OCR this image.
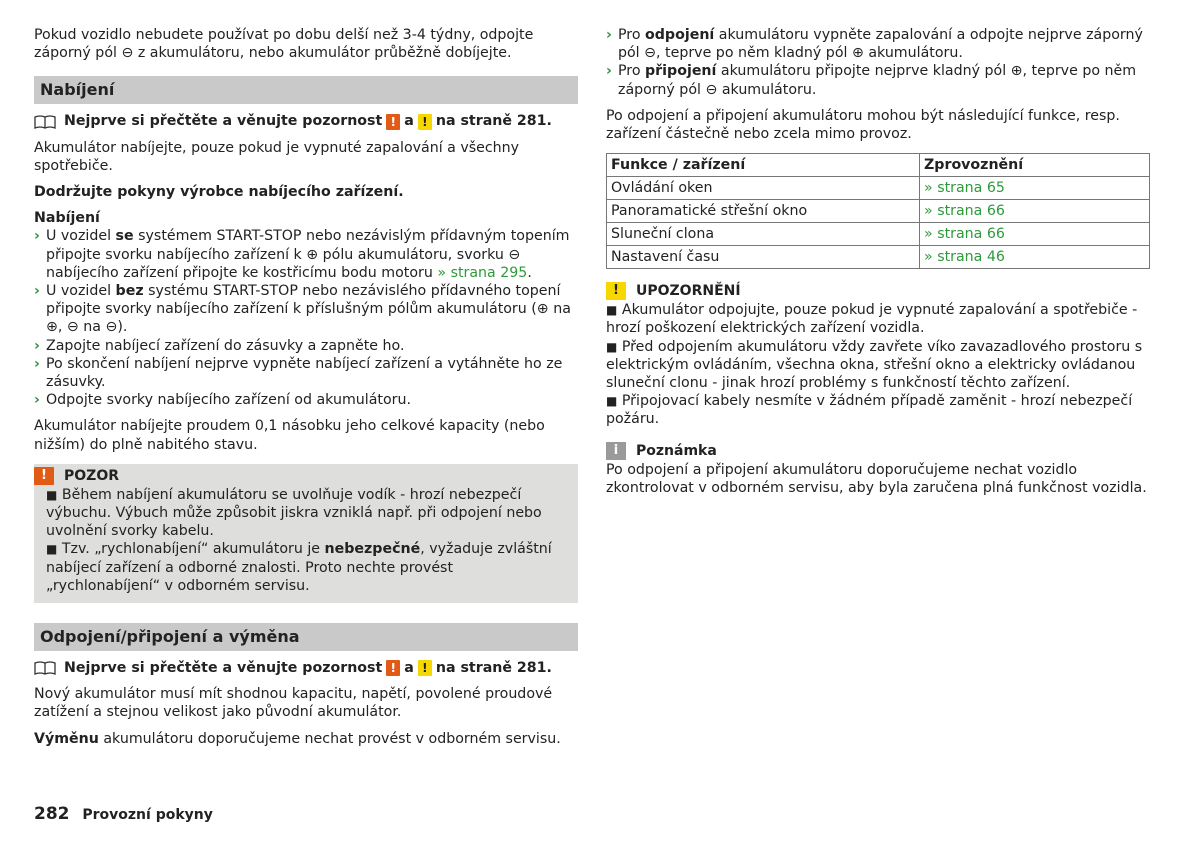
Pokud vozidlo nebudete používat po dobu delší než 3-4 týdny, odpojte záporný pól ⊖ z akumulátoru, nebo akumulátor průběžně dobíjejte.

Nabíjení
Nejprve si přečtěte a věnujte pozornost ! a ! na straně 281.

Akumulátor nabíjejte, pouze pokud je vypnuté zapalování a všechny spotřebiče.

Dodržujte pokyny výrobce nabíjecího zařízení.

Nabíjení
› U vozidel se systémem START-STOP nebo nezávislým přídavným topením připojte svorku nabíjecího zařízení k ⊕ pólu akumulátoru, svorku ⊖ nabíjecího zařízení připojte ke kostřicímu bodu motoru » strana 295.
› U vozidel bez systému START-STOP nebo nezávislého přídavného topení připojte svorky nabíjecího zařízení k příslušným pólům akumulátoru (⊕ na ⊕, ⊖ na ⊖).
› Zapojte nabíjecí zařízení do zásuvky a zapněte ho.
› Po skončení nabíjení nejprve vypněte nabíjecí zařízení a vytáhněte ho ze zásuvky.
› Odpojte svorky nabíjecího zařízení od akumulátoru.

Akumulátor nabíjejte proudem 0,1 násobku jeho celkové kapacity (nebo nižším) do plně nabitého stavu.

!	POZOR

■ Během nabíjení akumulátoru se uvolňuje vodík - hrozí nebezpečí výbuchu. Výbuch může způsobit jiskra vzniklá např. při odpojení nebo uvolnění svorky kabelu.

■ Tzv. „rychlonabíjení“ akumulátoru je nebezpečné, vyžaduje zvláštní nabíjecí zařízení a odborné znalosti. Proto nechte provést „rychlonabíjení“ v odborném servisu.

Odpojení/připojení a výměna
Nejprve si přečtěte a věnujte pozornost ! a ! na straně 281.

Nový akumulátor musí mít shodnou kapacitu, napětí, povolené proudové zatížení a stejnou velikost jako původní akumulátor.

Výměnu akumulátoru doporučujeme nechat provést v odborném servisu.

› Pro odpojení akumulátoru vypněte zapalování a odpojte nejprve záporný pól ⊖, teprve po něm kladný pól ⊕ akumulátoru.
› Pro připojení akumulátoru připojte nejprve kladný pól ⊕, teprve po něm záporný pól ⊖ akumulátoru.

Po odpojení a připojení akumulátoru mohou být následující funkce, resp. zařízení částečně nebo zcela mimo provoz.

Funkce / zařízení	Zprovoznění
Ovládání oken	» strana 65
Panoramatické střešní okno	» strana 66
Sluneční clona	» strana 66
Nastavení času	» strana 46
!	UPOZORNĚNÍ

■ Akumulátor odpojujte, pouze pokud je vypnuté zapalování a spotřebiče - hrozí poškození elektrických zařízení vozidla.

■ Před odpojením akumulátoru vždy zavřete víko zavazadlového prostoru s elektrickým ovládáním, všechna okna, střešní okno a elektricky ovládanou sluneční clonu - jinak hrozí problémy s funkčností těchto zařízení.

■ Připojovací kabely nesmíte v žádném případě zaměnit - hrozí nebezpečí požáru.

i	Poznámka

Po odpojení a připojení akumulátoru doporučujeme nechat vozidlo zkontrolovat v odborném servisu, aby byla zaručena plná funkčnost vozidla.

282 Provozní pokyny
